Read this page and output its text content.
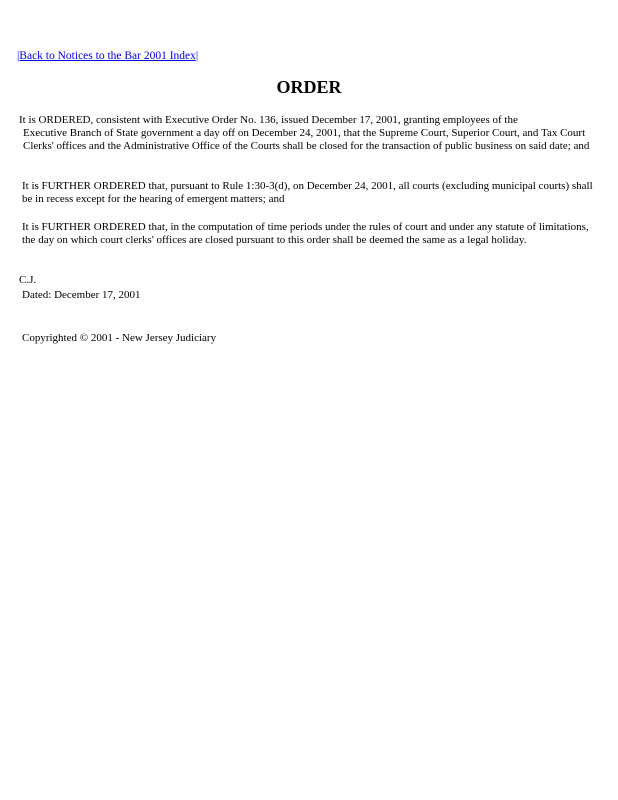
|Back to Notices to the Bar 2001 Index|
ORDER

It is ORDERED, consistent with Executive Order No. 136, issued December 17, 2001, granting employees of the
Executive Branch of State government a day off on December 24, 2001, that the Supreme Court, Superior Court, and Tax Court Clerks' offices and the Administrative Office of the Courts shall be closed for the transaction of public business on said date; and

It is FURTHER ORDERED that, pursuant to Rule 1:30-3(d), on December 24, 2001, all courts (excluding municipal courts) shall be in recess except for the hearing of emergent matters; and

It is FURTHER ORDERED that, in the computation of time periods under the rules of court and under any statute of limitations, the day on which court clerks' offices are closed pursuant to this order shall be deemed the same as a legal holiday.

C.J.
Dated: December 17, 2001

Copyrighted © 2001 - New Jersey Judiciary
